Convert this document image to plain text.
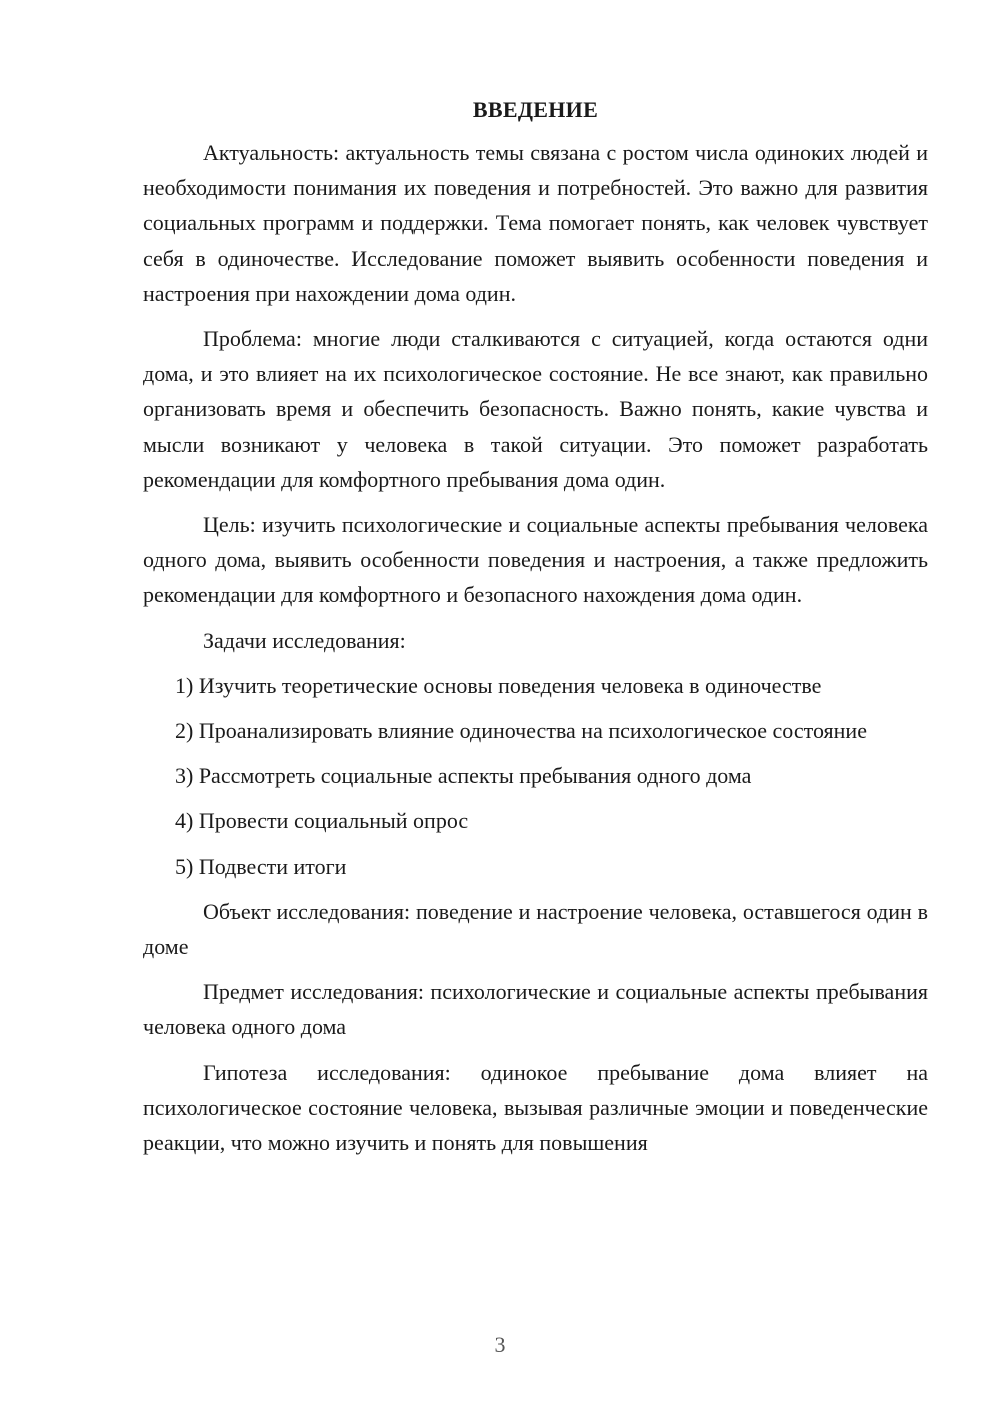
ВВЕДЕНИЕ

Актуальность: актуальность темы связана с ростом числа одиноких людей и необходимости понимания их поведения и потребностей. Это важно для развития социальных программ и поддержки. Тема помогает понять, как человек чувствует себя в одиночестве. Исследование поможет выявить особенности поведения и настроения при нахождении дома один.

Проблема: многие люди сталкиваются с ситуацией, когда остаются одни дома, и это влияет на их психологическое состояние. Не все знают, как правильно организовать время и обеспечить безопасность. Важно понять, какие чувства и мысли возникают у человека в такой ситуации. Это поможет разработать рекомендации для комфортного пребывания дома один.

Цель: изучить психологические и социальные аспекты пребывания человека одного дома, выявить особенности поведения и настроения, а также предложить рекомендации для комфортного и безопасного нахождения дома один.

Задачи исследования:

1) Изучить теоретические основы поведения человека в одиночестве

2) Проанализировать влияние одиночества на психологическое состояние

3) Рассмотреть социальные аспекты пребывания одного дома

4) Провести социальный опрос

5) Подвести итоги

Объект исследования: поведение и настроение человека, оставшегося один в доме

Предмет исследования: психологические и социальные аспекты пребывания человека одного дома

Гипотеза исследования: одинокое пребывание дома влияет на психологическое состояние человека, вызывая различные эмоции и поведенческие реакции, что можно изучить и понять для повышения

3
